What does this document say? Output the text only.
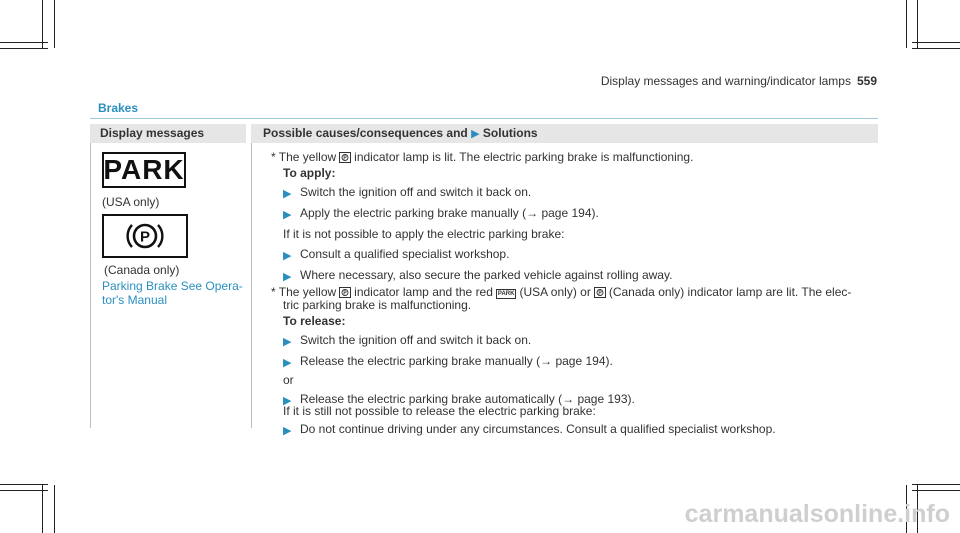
Display messages and warning/indicator lamps 559
Brakes
Display messages	Possible causes/consequences and ▶ Solutions
PARK
(USA only)
P
(Canada only)
Parking Brake See Opera-
tor's Manual
* The yellow P indicator lamp is lit. The electric parking brake is malfunctioning.
To apply:
▶ Switch the ignition off and switch it back on.
▶ Apply the electric parking brake manually (→ page 194).
If it is not possible to apply the electric parking brake:
▶ Consult a qualified specialist workshop.
▶ Where necessary, also secure the parked vehicle against rolling away.
* The yellow P indicator lamp and the red PARK (USA only) or P (Canada only) indicator lamp are lit. The elec-
tric parking brake is malfunctioning.
To release:
▶ Switch the ignition off and switch it back on.
▶ Release the electric parking brake manually (→ page 194).
or
▶ Release the electric parking brake automatically (→ page 193).
If it is still not possible to release the electric parking brake:
▶ Do not continue driving under any circumstances. Consult a qualified specialist workshop.
carmanualsonline.info
